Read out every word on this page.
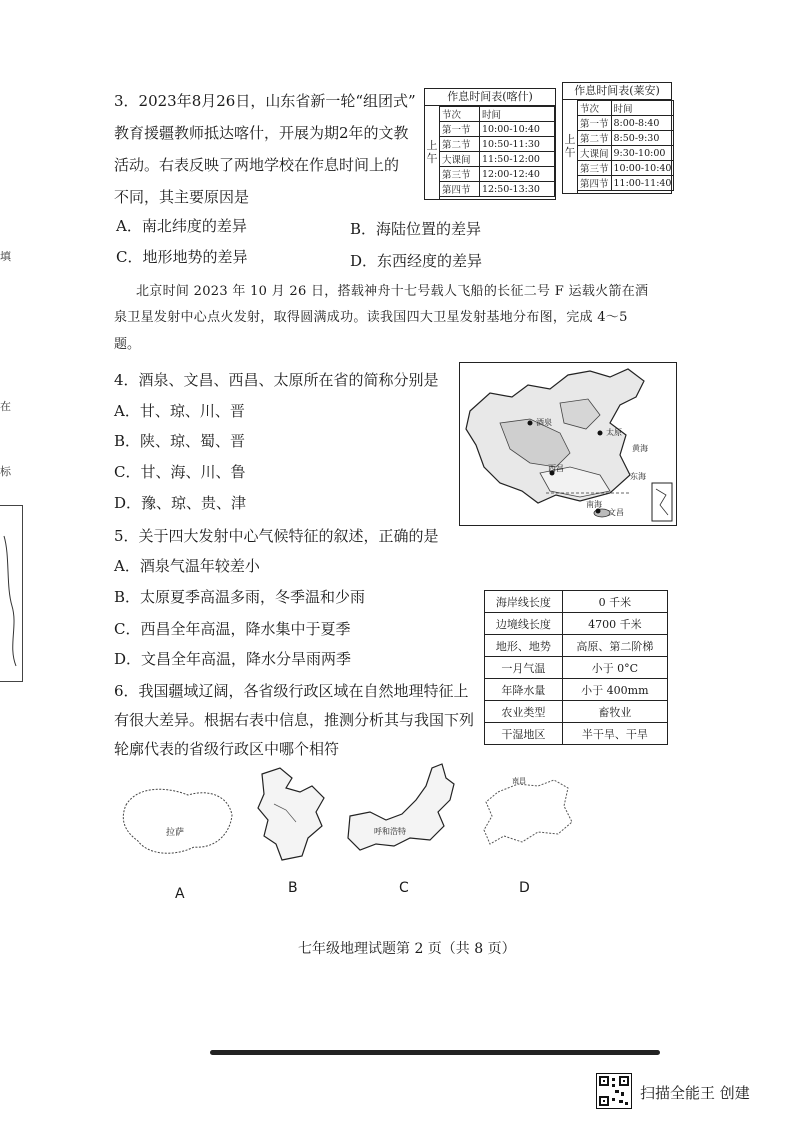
填
在
标
3．2023年8月26日，山东省新一轮“组团式”
教育援疆教师抵达喀什，开展为期2年的文教
活动。右表反映了两地学校在作息时间上的
不同，其主要原因是
A．南北纬度的差异	B．海陆位置的差异
C．地形地势的差异	D．东西经度的差异
作息时间表(喀什)
上
午
节次	时间
第一节	10:00-10:40
第二节	10:50-11:30
大课间	11:50-12:00
第三节	12:00-12:40
第四节	12:50-13:30
作息时间表(莱安)
上
午
节次	时间
第一节	8:00-8:40
第二节	8:50-9:30
大课间	9:30-10:00
第三节	10:00-10:40
第四节	11:00-11:40
北京时间 2023 年 10 月 26 日，搭载神舟十七号载人飞船的长征二号 F 运载火箭在酒
泉卫星发射中心点火发射，取得圆满成功。读我国四大卫星发射基地分布图，完成 4～5
题。
4．酒泉、文昌、西昌、太原所在省的简称分别是
A．甘、琼、川、晋
B．陕、琼、蜀、晋
C．甘、海、川、鲁
D．豫、琼、贵、津
酒泉
太原
西昌
文昌
黄海
东海
南海
5．关于四大发射中心气候特征的叙述，正确的是
A．酒泉气温年较差小
B．太原夏季高温多雨，冬季温和少雨
C．西昌全年高温，降水集中于夏季
D．文昌全年高温，降水分旱雨两季
海岸线长度	0 千米
边境线长度	4700 千米
地形、地势	高原、第二阶梯
一月气温	小于 0°C
年降水量	小于 400mm
农业类型	畜牧业
干湿地区	半干旱、干旱
6．我国疆域辽阔，各省级行政区域在自然地理特征上
有很大差异。根据右表中信息，推测分析其与我国下列
轮廓代表的省级行政区中哪个相符
拉萨
A	B
呼和浩特
C
南昌
D
七年级地理试题第 2 页（共 8 页）
扫描全能王 创建
